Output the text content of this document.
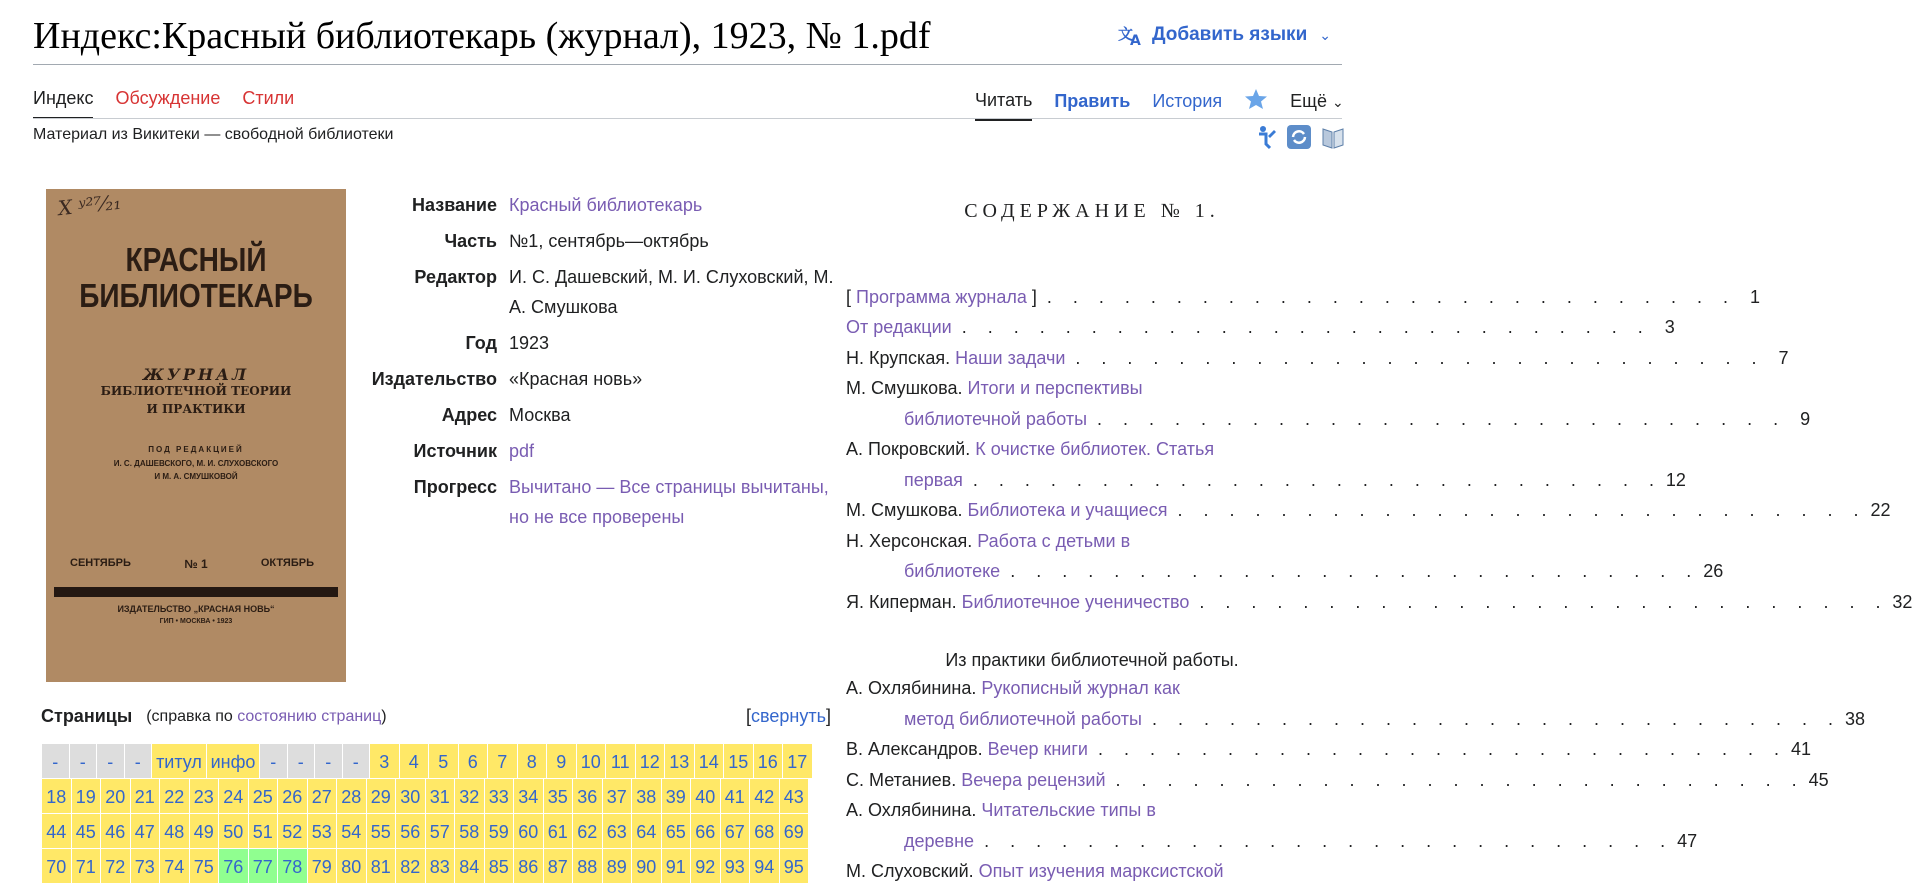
Индекс:Красный библиотекарь (журнал), 1923, № 1.pdf	文
A Добавить языки ⌄
Индекс Обсуждение Стили	Читать Править История	Ещё ⌄
Материал из Викитеки — свободной библиотеки
X ʸ²⁷⁄₂₁
КРАСНЫЙ
БИБЛИОТЕКАРЬ
ЖУРНАЛ
БИБЛИОТЕЧНОЙ ТЕОРИИ
И ПРАКТИКИ
ПОД РЕДАКЦИЕЙ
И. С. ДАШЕВСКОГО, М. И. СЛУХОВСКОГО
И М. А. СМУШКОВОЙ
СЕНТЯБРЬ	№ 1	ОКТЯБРЬ
ИЗДАТЕЛЬСТВО „КРАСНАЯ НОВЬ“
ГИП • МОСКВА • 1923
Название Красный библиотекарь
Часть №1, сентябрь—октябрь
Редактор И. С. Дашевский, М. И. Слуховский, М. А. Смушкова
Год 1923
Издательство «Красная новь»
Адрес Москва
Источник pdf
Прогресс Вычитано — Все страницы вычитаны, но не все проверены
СОДЕРЖАНИЕ № 1.
[ Программа журнала ] . . . . . . . . . . . . . . . . . . . . . . . . . . . 1
От редакции . . . . . . . . . . . . . . . . . . . . . . . . . . . 3
Н. Крупская. Наши задачи . . . . . . . . . . . . . . . . . . . . . . . . . . . 7
М. Смушкова. Итоги и перспективы
библиотечной работы . . . . . . . . . . . . . . . . . . . . . . . . . . . 9
А. Покровский. К очистке библиотек. Статья
первая . . . . . . . . . . . . . . . . . . . . . . . . . . . 12
М. Смушкова. Библиотека и учащиеся . . . . . . . . . . . . . . . . . . . . . . . . . . . 22
Н. Херсонская. Работа с детьми в
библиотеке . . . . . . . . . . . . . . . . . . . . . . . . . . . 26
Я. Киперман. Библиотечное ученичество . . . . . . . . . . . . . . . . . . . . . . . . . . . 32
Из практики библиотечной работы.
А. Охлябинина. Рукописный журнал как
метод библиотечной работы . . . . . . . . . . . . . . . . . . . . . . . . . . . 38
В. Александров. Вечер книги . . . . . . . . . . . . . . . . . . . . . . . . . . . 41
С. Метаниев. Вечера рецензий . . . . . . . . . . . . . . . . . . . . . . . . . . . 45
А. Охлябинина. Читательские типы в
деревне . . . . . . . . . . . . . . . . . . . . . . . . . . . 47
М. Слуховский. Опыт изучения марксистской
Страницы (справка по состоянию страниц)	[свернуть]
-	-	-	- титул инфо -	-	-	-	3	4	5	6	7	8	9 10 11 12 13 14 15 16 17
18 19 20 21 22 23 24 25 26 27 28 29 30 31 32 33 34 35 36 37 38 39 40 41 42 43
44 45 46 47 48 49 50 51 52 53 54 55 56 57 58 59 60 61 62 63 64 65 66 67 68 69
70 71 72 73 74 75 76 77 78 79 80 81 82 83 84 85 86 87 88 89 90 91 92 93 94 95
